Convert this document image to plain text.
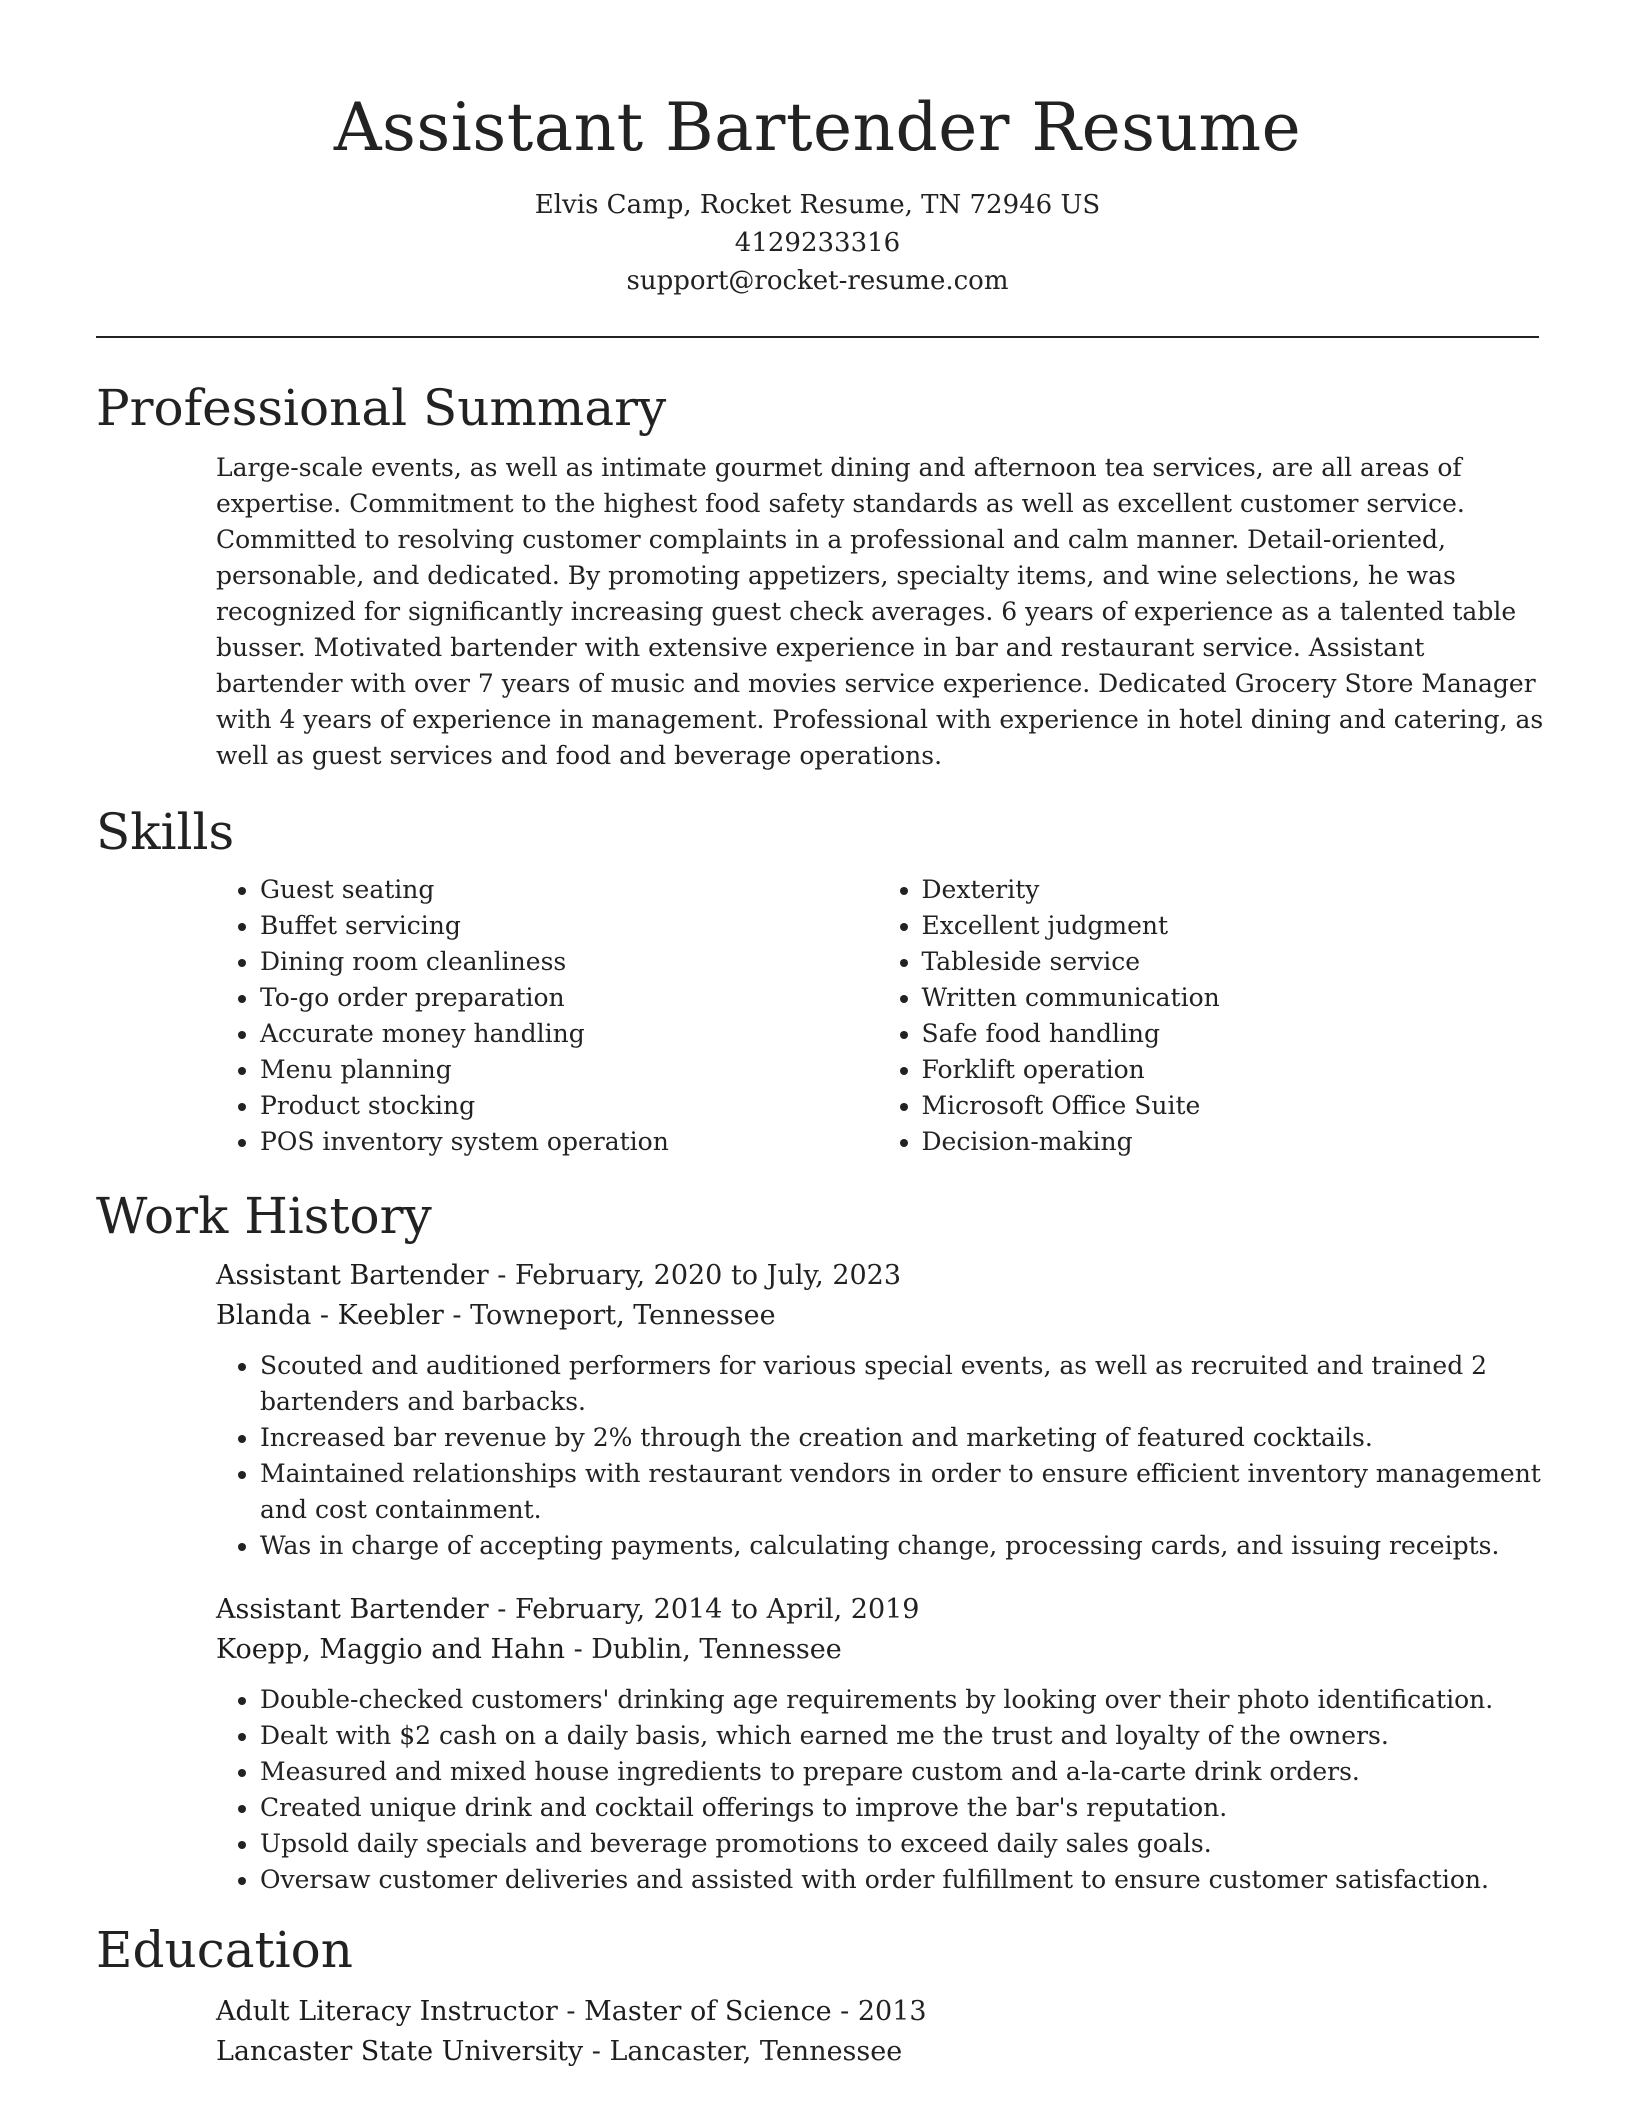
Assistant Bartender Resume

Elvis Camp, Rocket Resume, TN 72946 US

4129233316

support@rocket-resume.com

Professional Summary

Large-scale events, as well as intimate gourmet dining and afternoon tea services, are all areas of expertise. Commitment to the highest food safety standards as well as excellent customer service. Committed to resolving customer complaints in a professional and calm manner. Detail-oriented, personable, and dedicated. By promoting appetizers, specialty items, and wine selections, he was recognized for significantly increasing guest check averages. 6 years of experience as a talented table busser. Motivated bartender with extensive experience in bar and restaurant service. Assistant bartender with over 7 years of music and movies service experience. Dedicated Grocery Store Manager with 4 years of experience in management. Professional with experience in hotel dining and catering, as well as guest services and food and beverage operations.

Skills
• Guest seating
• Buffet servicing
• Dining room cleanliness
• To-go order preparation
• Accurate money handling
• Menu planning
• Product stocking
• POS inventory system operation
• Dexterity
• Excellent judgment
• Tableside service
• Written communication
• Safe food handling
• Forklift operation
• Microsoft Office Suite
• Decision-making
Work History

Assistant Bartender - February, 2020 to July, 2023

Blanda - Keebler - Towneport, Tennessee

• Scouted and auditioned performers for various special events, as well as recruited and trained 2 bartenders and barbacks.
• Increased bar revenue by 2% through the creation and marketing of featured cocktails.
• Maintained relationships with restaurant vendors in order to ensure efficient inventory management and cost containment.
• Was in charge of accepting payments, calculating change, processing cards, and issuing receipts.

Assistant Bartender - February, 2014 to April, 2019

Koepp, Maggio and Hahn - Dublin, Tennessee

• Double-checked customers' drinking age requirements by looking over their photo identification.
• Dealt with $2 cash on a daily basis, which earned me the trust and loyalty of the owners.
• Measured and mixed house ingredients to prepare custom and a-la-carte drink orders.
• Created unique drink and cocktail offerings to improve the bar's reputation.
• Upsold daily specials and beverage promotions to exceed daily sales goals.
• Oversaw customer deliveries and assisted with order fulfillment to ensure customer satisfaction.
Education

Adult Literacy Instructor - Master of Science - 2013

Lancaster State University - Lancaster, Tennessee
